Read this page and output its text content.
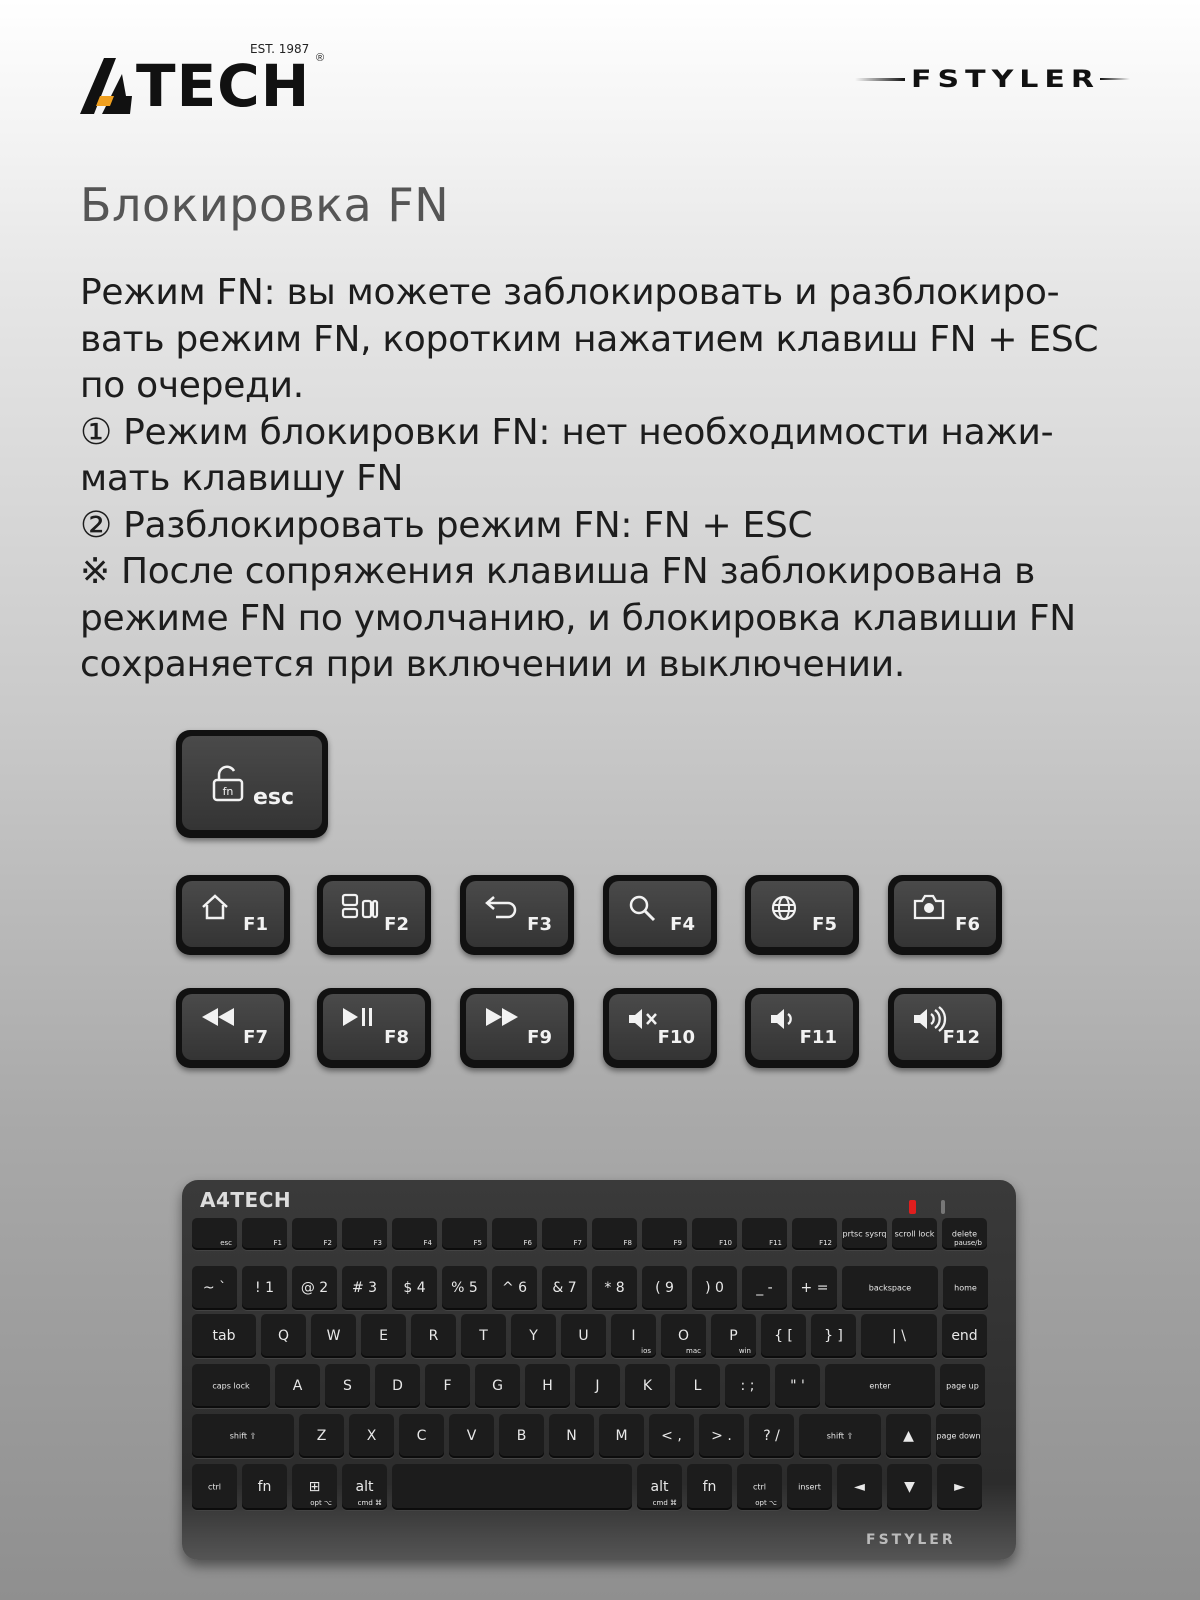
EST. 1987
®
TECH	FSTYLER
Блокировка FN
Режим FN: вы можете заблокировать и разблокиро-
вать режим FN, коротким нажатием клавиш FN + ESC
по очереди.
① Режим блокировки FN: нет необходимости нажи-
мать клавишу FN
② Разблокировать режим FN: FN + ESC
※ После сопряжения клавиша FN заблокирована в
режиме FN по умолчанию, и блокировка клавиши FN
сохраняется при включении и выключении.
fn esc
F1	F2	F3	F4	F5	F6
F7	F8	F9	F10	F11	F12
A4TECH
esc	F1	F2	F3	F4	F5	F6	F7	F8	F9	F10	F11	F12
prtsc sysrq	scroll lock	delete
pause/b
~ `	! 1	@ 2	# 3	$ 4	% 5	^ 6	& 7	* 8	( 9	) 0	_ -	+ =	backspace	home
tab	Q	W	E	R	T	Y	U	I
ios
O
mac
P
win
{ [	} ]	| \	end
caps lock	A	S	D	F	G	H	J	K	L	: ;	" '	enter	page up
shift ⇧	Z	X	C	V	B	N	M	< ,	> .	? /	shift ⇧	▲	page down
ctrl	fn	⊞
opt ⌥
alt
cmd ⌘
alt
cmd ⌘
fn	ctrl
opt ⌥
insert	◄	▼	►
FSTYLER
